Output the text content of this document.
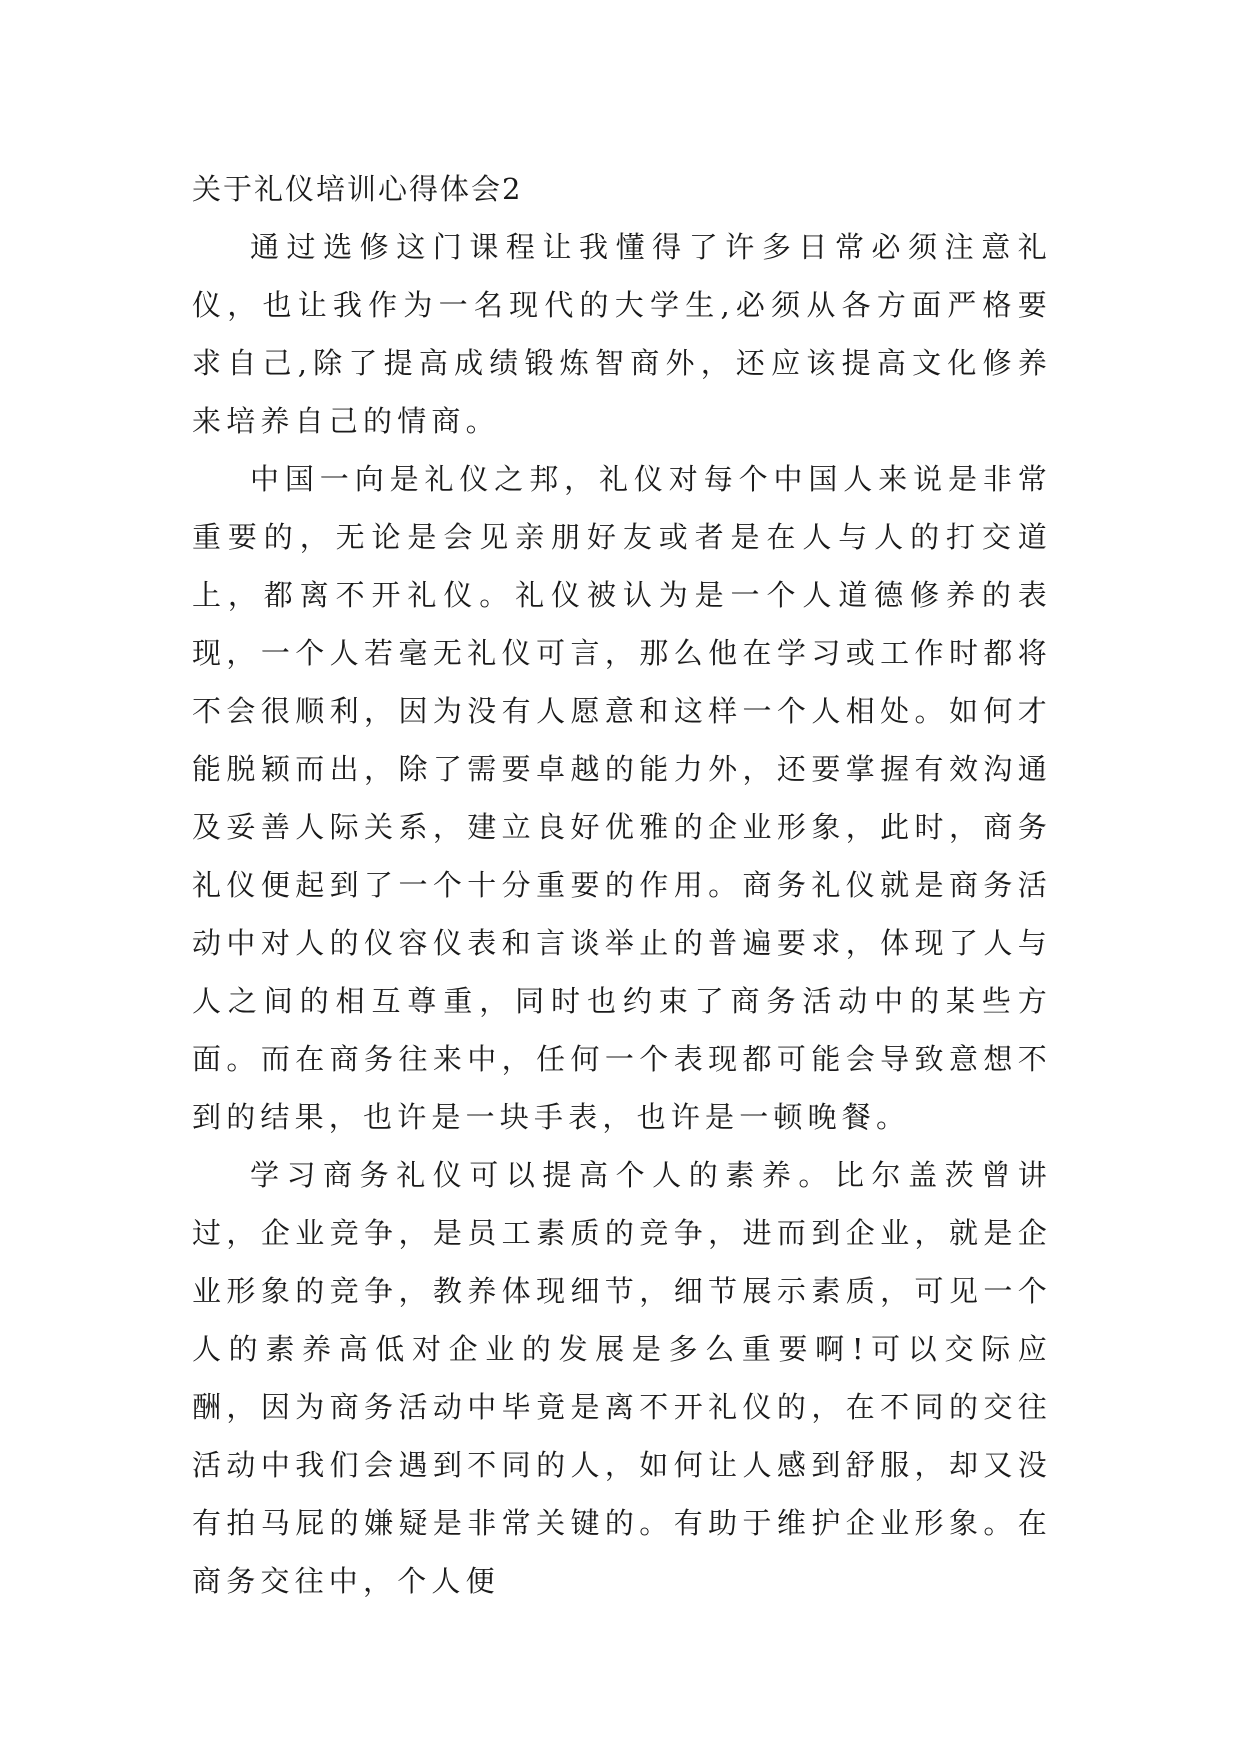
关于礼仪培训心得体会2

通过选修这门课程让我懂得了许多日常必须注意礼仪，也让我作为一名现代的大学生,必须从各方面严格要求自己,除了提高成绩锻炼智商外，还应该提高文化修养来培养自己的情商。

中国一向是礼仪之邦，礼仪对每个中国人来说是非常重要的，无论是会见亲朋好友或者是在人与人的打交道上，都离不开礼仪。礼仪被认为是一个人道德修养的表现，一个人若毫无礼仪可言，那么他在学习或工作时都将不会很顺利，因为没有人愿意和这样一个人相处。如何才能脱颖而出，除了需要卓越的能力外，还要掌握有效沟通及妥善人际关系，建立良好优雅的企业形象，此时，商务礼仪便起到了一个十分重要的作用。商务礼仪就是商务活动中对人的仪容仪表和言谈举止的普遍要求，体现了人与人之间的相互尊重，同时也约束了商务活动中的某些方面。而在商务往来中，任何一个表现都可能会导致意想不到的结果，也许是一块手表，也许是一顿晚餐。

学习商务礼仪可以提高个人的素养。比尔盖茨曾讲过，企业竞争，是员工素质的竞争，进而到企业，就是企业形象的竞争，教养体现细节，细节展示素质，可见一个人的素养高低对企业的发展是多么重要啊!可以交际应酬，因为商务活动中毕竟是离不开礼仪的，在不同的交往活动中我们会遇到不同的人，如何让人感到舒服，却又没有拍马屁的嫌疑是非常关键的。有助于维护企业形象。在商务交往中，个人便
